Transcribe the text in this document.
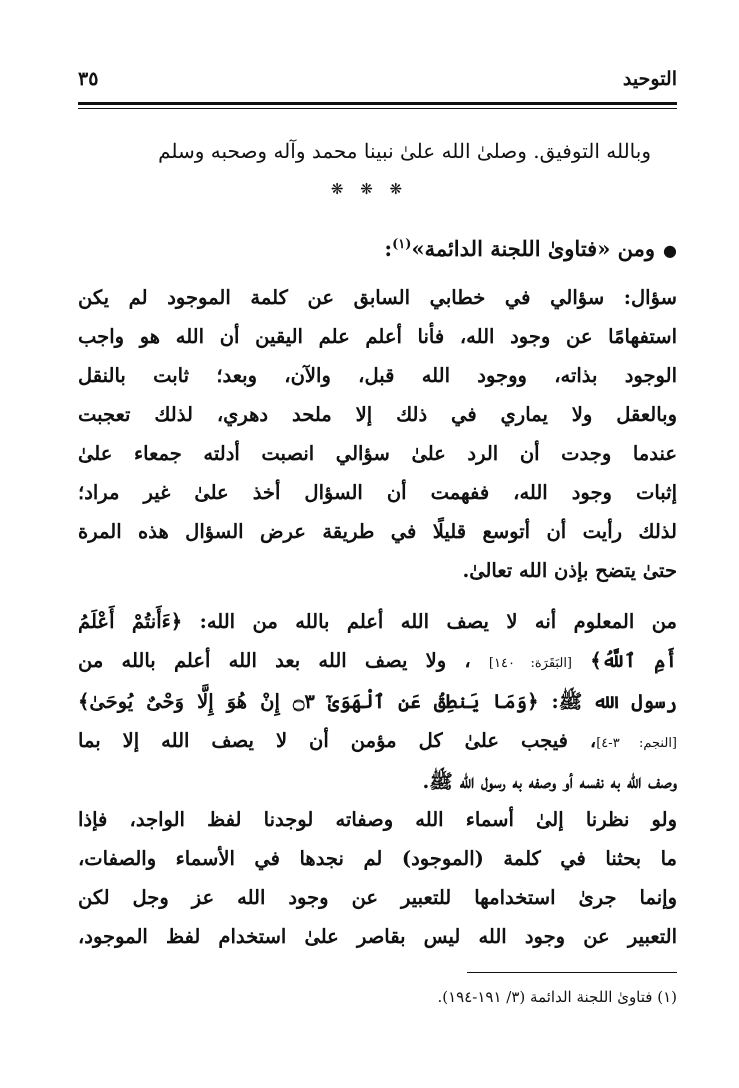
التوحيد
٣٥
وبالله التوفيق. وصلىٰ الله علىٰ نبينا محمد وآله وصحبه وسلم
❋ ❋ ❋
●ومن «فتاوىٰ اللجنة الدائمة»$^{(١)}$:
سؤال: سؤالي في خطابي السابق عن كلمة الموجود لم يكن
استفهامًا عن وجود الله، فأنا أعلم علم اليقين أن الله هو واجب
الوجود بذاته، ووجود الله قبل، والآن، وبعد؛ ثابت بالنقل
وبالعقل ولا يماري في ذلك إلا ملحد دهري، لذلك تعجبت
عندما وجدت أن الرد علىٰ سؤالي انصبت أدلته جمعاء علىٰ
إثبات وجود الله، ففهمت أن السؤال أخذ علىٰ غير مراد؛
لذلك رأيت أن أتوسع قليلًا في طريقة عرض السؤال هذه المرة
حتىٰ يتضح بإذن الله تعالىٰ.
من المعلوم أنه لا يصف الله أعلم بالله من الله: ﴿ءَأَنتُمْ أَعْلَمُ
أَمِ ٱللَّهُ﴾ [البَقَرَة: ١٤٠] ، ولا يصف الله بعد الله أعلم بالله من
رسول الله ﷺ: ﴿وَمَا يَنطِقُ عَنِ ٱلْهَوَىٰٓ ۝٣ إِنْ هُوَ إِلَّا وَحْىٌ يُوحَىٰ﴾
[النجم: ٣-٤]، فيجب علىٰ كل مؤمن أن لا يصف الله إلا بما
وصف الله به نفسه أو وصفه به رسول الله ﷺ.
ولو نظرنا إلىٰ أسماء الله وصفاته لوجدنا لفظ الواجد، فإذا
ما بحثنا في كلمة (الموجود) لم نجدها في الأسماء والصفات،
وإنما جرىٰ استخدامها للتعبير عن وجود الله عز وجل لكن
التعبير عن وجود الله ليس بقاصر علىٰ استخدام لفظ الموجود،
(١) فتاوىٰ اللجنة الدائمة (٣/ ١٩١-١٩٤).
